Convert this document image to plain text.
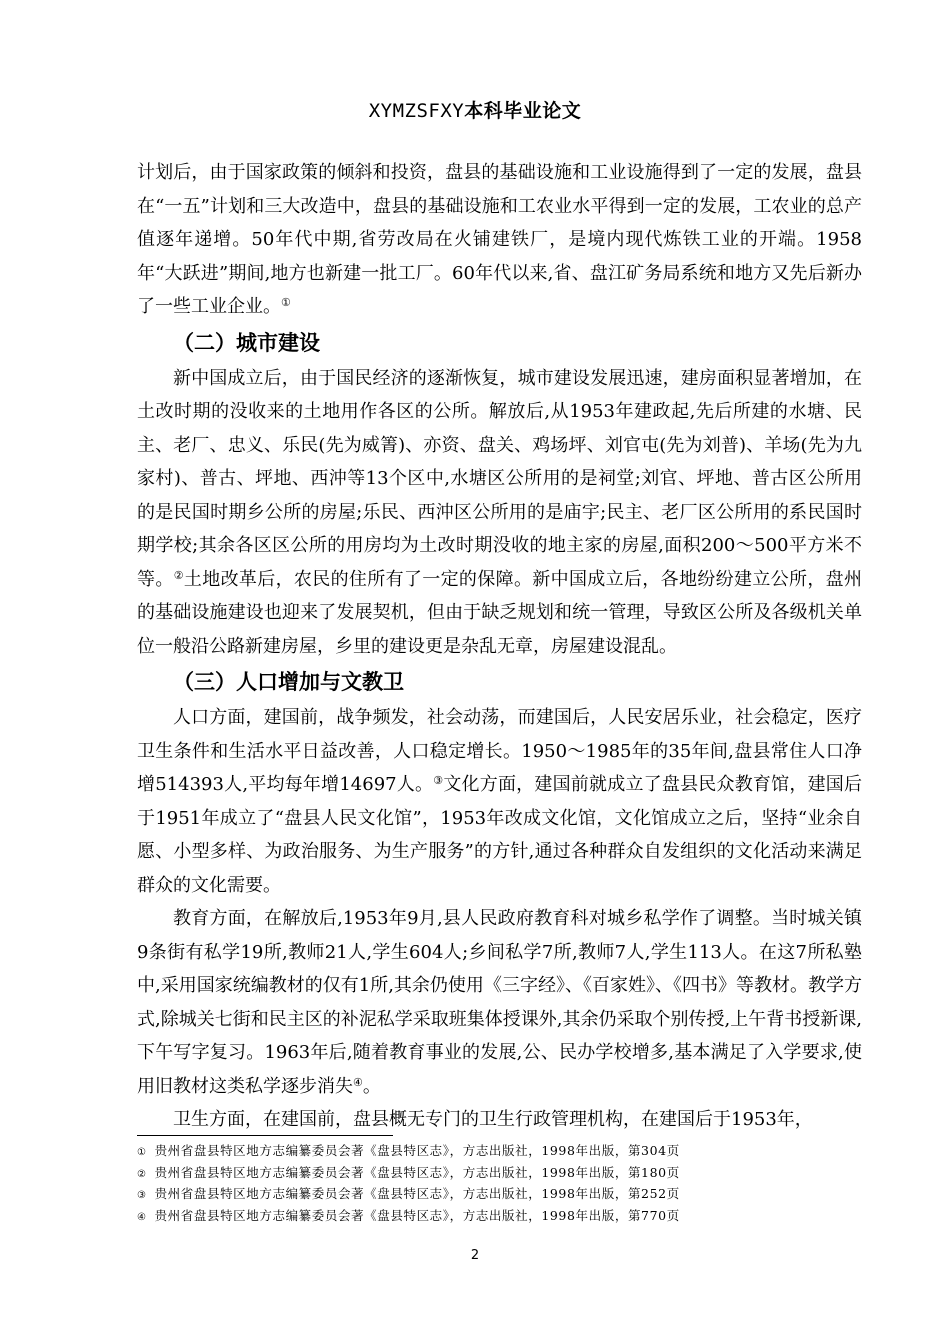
XYMZSFXY本科毕业论文

计划后，由于国家政策的倾斜和投资，盘县的基础设施和工业设施得到了一定的发展，盘县在“一五”计划和三大改造中，盘县的基础设施和工农业水平得到一定的发展，工农业的总产值逐年递增。50年代中期,省劳改局在火铺建铁厂，是境内现代炼铁工业的开端。1958年“大跃进”期间,地方也新建一批工厂。60年代以来,省、盘江矿务局系统和地方又先后新办了一些工业企业。①

（二）城市建设

新中国成立后，由于国民经济的逐渐恢复，城市建设发展迅速，建房面积显著增加，在土改时期的没收来的土地用作各区的公所。解放后,从1953年建政起,先后所建的水塘、民主、老厂、忠义、乐民(先为威箐)、亦资、盘关、鸡场坪、刘官屯(先为刘普)、羊场(先为九家村)、普古、坪地、西沖等13个区中,水塘区公所用的是祠堂;刘官、坪地、普古区公所用的是民国时期乡公所的房屋;乐民、西沖区公所用的是庙宇;民主、老厂区公所用的系民国时期学校;其余各区区公所的用房均为土改时期没收的地主家的房屋,面积200～500平方米不等。②土地改革后，农民的住所有了一定的保障。新中国成立后，各地纷纷建立公所，盘州的基础设施建设也迎来了发展契机，但由于缺乏规划和统一管理，导致区公所及各级机关单位一般沿公路新建房屋，乡里的建设更是杂乱无章，房屋建设混乱。

（三）人口增加与文教卫

人口方面，建国前，战争频发，社会动荡，而建国后，人民安居乐业，社会稳定，医疗卫生条件和生活水平日益改善，人口稳定增长。1950～1985年的35年间,盘县常住人口净增514393人,平均每年增14697人。③文化方面，建国前就成立了盘县民众教育馆，建国后于1951年成立了“盘县人民文化馆”，1953年改成文化馆，文化馆成立之后，坚持“业余自愿、小型多样、为政治服务、为生产服务”的方针,通过各种群众自发组织的文化活动来满足群众的文化需要。

教育方面，在解放后,1953年9月,县人民政府教育科对城乡私学作了调整。当时城关镇9条街有私学19所,教师21人,学生604人;乡间私学7所,教师7人,学生113人。在这7所私塾中,采用国家统编教材的仅有1所,其余仍使用《三字经》、《百家姓》、《四书》等教材。教学方式,除城关七街和民主区的补泥私学采取班集体授课外,其余仍采取个别传授,上午背书授新课,下午写字复习。1963年后,随着教育事业的发展,公、民办学校增多,基本满足了入学要求,使用旧教材这类私学逐步消失④。

卫生方面，在建国前，盘县概无专门的卫生行政管理机构，在建国后于1953年，

① 贵州省盘县特区地方志编纂委员会著《盘县特区志》，方志出版社，1998年出版，第304页
② 贵州省盘县特区地方志编纂委员会著《盘县特区志》，方志出版社，1998年出版，第180页
③ 贵州省盘县特区地方志编纂委员会著《盘县特区志》，方志出版社，1998年出版，第252页
④ 贵州省盘县特区地方志编纂委员会著《盘县特区志》，方志出版社，1998年出版，第770页
2
